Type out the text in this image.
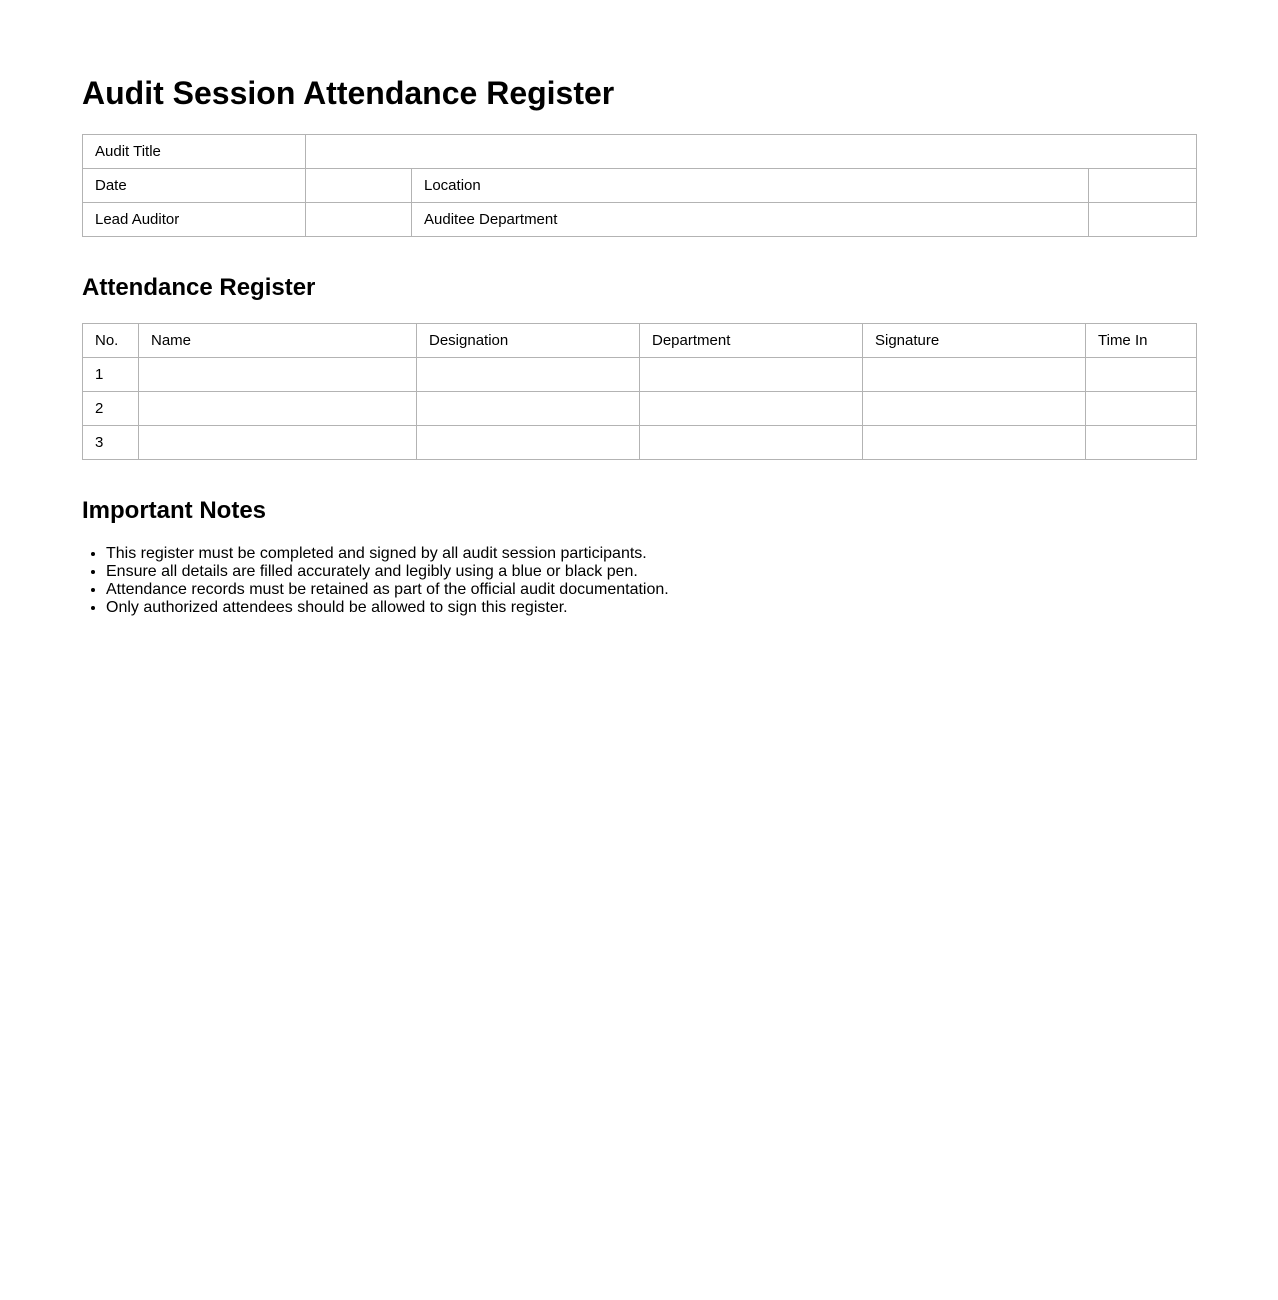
Audit Session Attendance Register
Audit Title			
Date		Location	
Lead Auditor		Auditee Department	
Attendance Register
No.	Name	Designation	Department	Signature	Time In
1					
2					
3					
Important Notes
• This register must be completed and signed by all audit session participants.
• Ensure all details are filled accurately and legibly using a blue or black pen.
• Attendance records must be retained as part of the official audit documentation.
• Only authorized attendees should be allowed to sign this register.
